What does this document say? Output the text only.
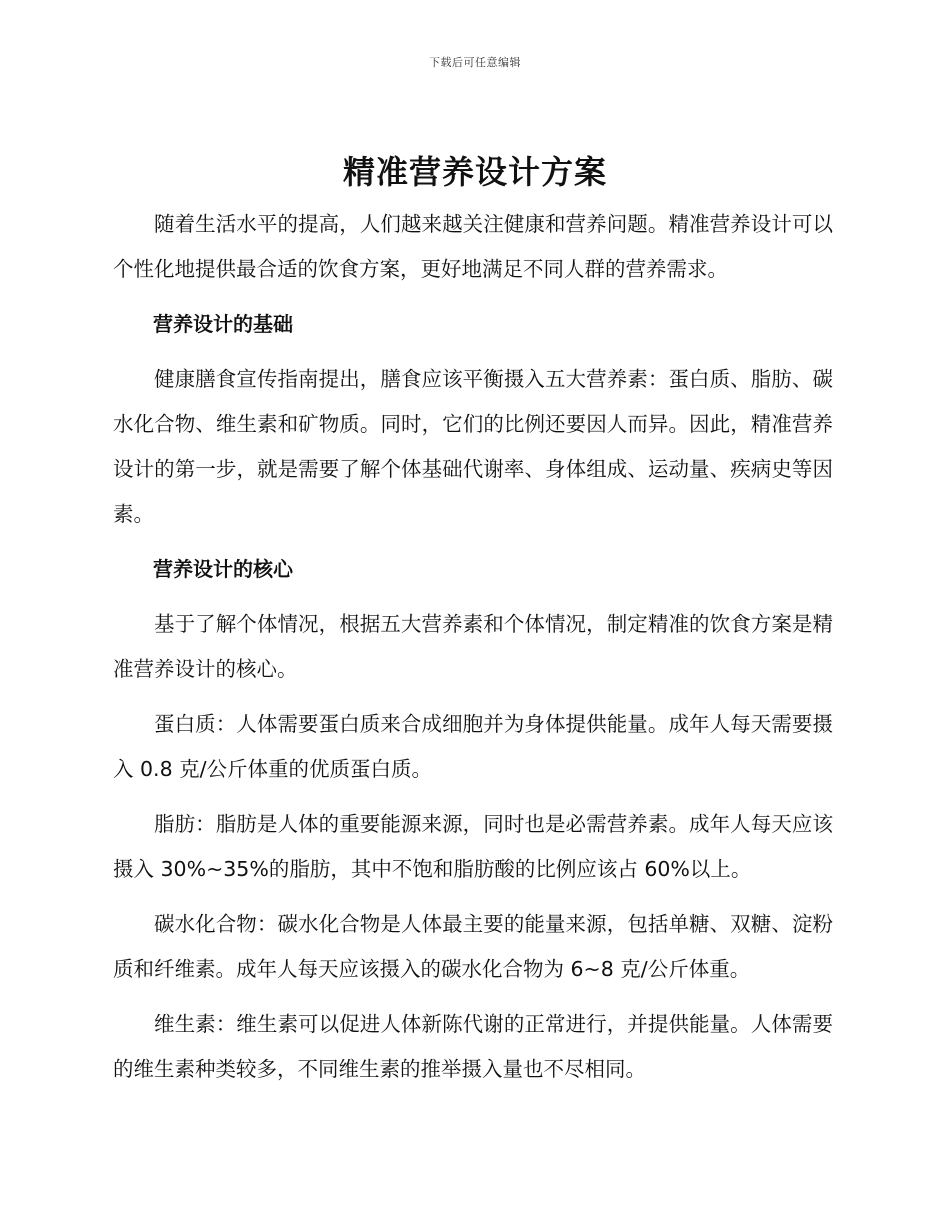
下载后可任意编辑
精准营养设计方案

随着生活水平的提高，人们越来越关注健康和营养问题。精准营养设计可以个性化地提供最合适的饮食方案，更好地满足不同人群的营养需求。

营养设计的基础

健康膳食宣传指南提出，膳食应该平衡摄入五大营养素：蛋白质、脂肪、碳水化合物、维生素和矿物质。同时，它们的比例还要因人而异。因此，精准营养设计的第一步，就是需要了解个体基础代谢率、身体组成、运动量、疾病史等因素。

营养设计的核心

基于了解个体情况，根据五大营养素和个体情况，制定精准的饮食方案是精准营养设计的核心。

蛋白质：人体需要蛋白质来合成细胞并为身体提供能量。成年人每天需要摄入 0.8 克/公斤体重的优质蛋白质。

脂肪：脂肪是人体的重要能源来源，同时也是必需营养素。成年人每天应该摄入 30%~35%的脂肪，其中不饱和脂肪酸的比例应该占 60%以上。

碳水化合物：碳水化合物是人体最主要的能量来源，包括单糖、双糖、淀粉质和纤维素。成年人每天应该摄入的碳水化合物为 6~8 克/公斤体重。

维生素：维生素可以促进人体新陈代谢的正常进行，并提供能量。人体需要的维生素种类较多，不同维生素的推举摄入量也不尽相同。
